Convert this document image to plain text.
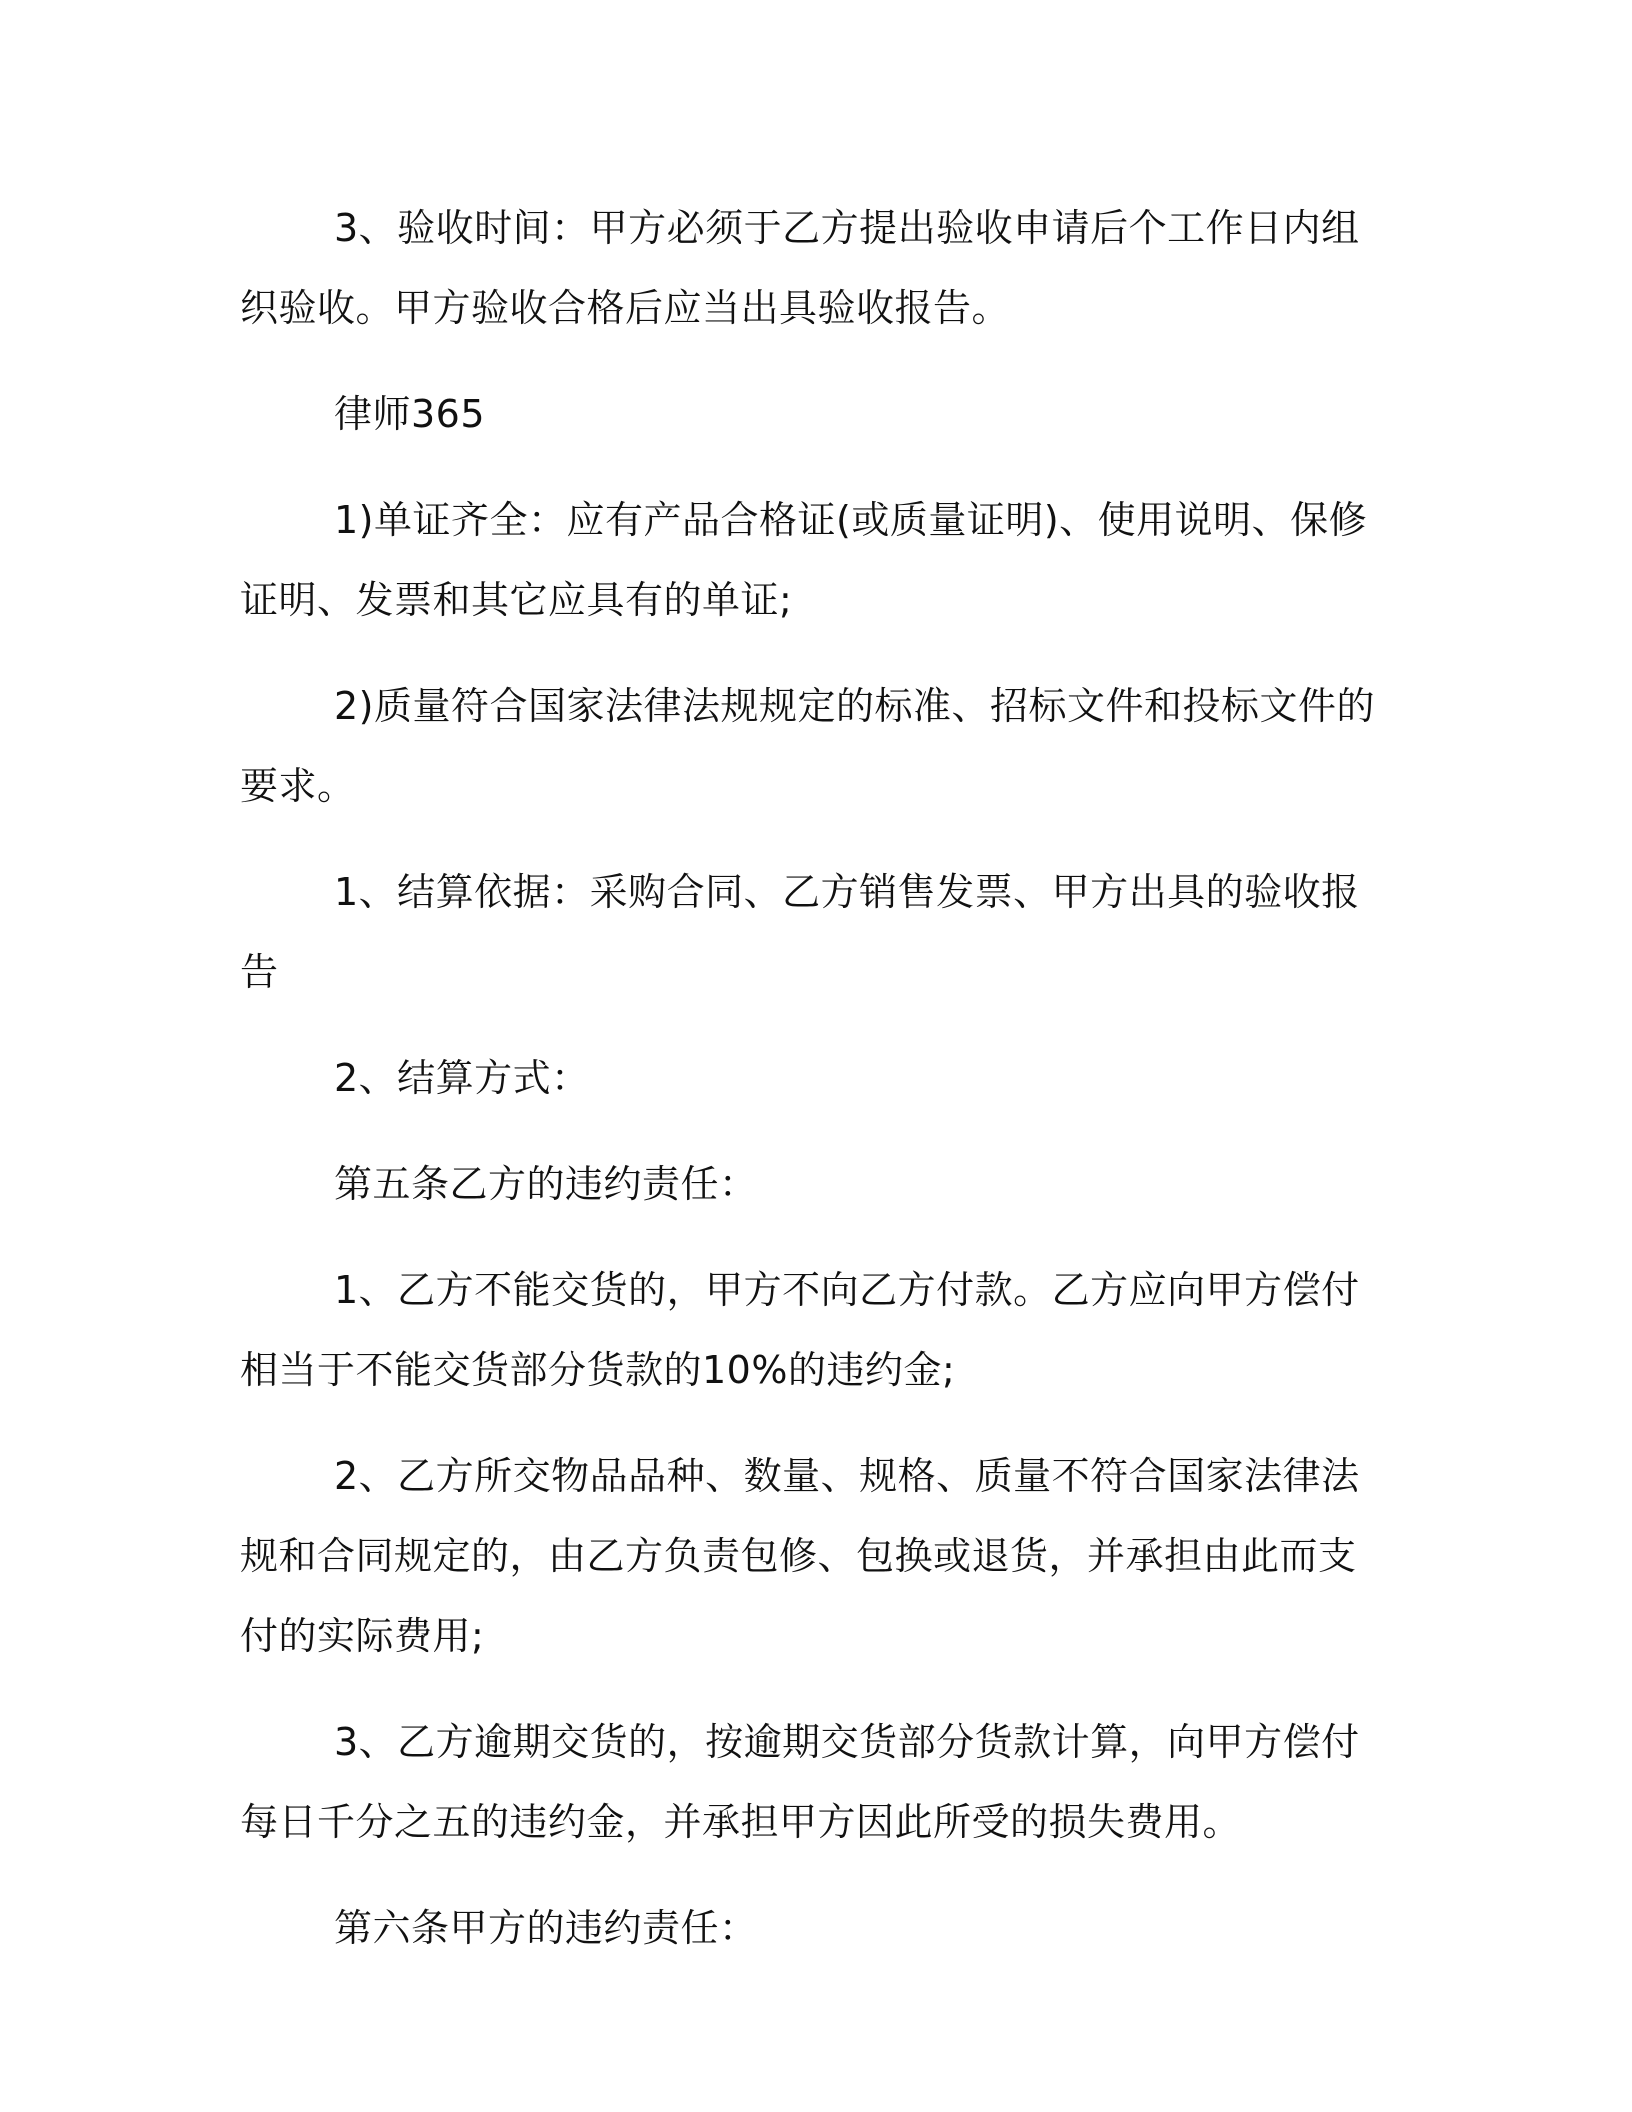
3、验收时间：甲方必须于乙方提出验收申请后个工作日内组织验收。甲方验收合格后应当出具验收报告。

律师365

1)单证齐全：应有产品合格证(或质量证明)、使用说明、保修证明、发票和其它应具有的单证;

2)质量符合国家法律法规规定的标准、招标文件和投标文件的要求。

1、结算依据：采购合同、乙方销售发票、甲方出具的验收报告

2、结算方式：

第五条乙方的违约责任：

1、乙方不能交货的，甲方不向乙方付款。乙方应向甲方偿付相当于不能交货部分货款的10%的违约金;

2、乙方所交物品品种、数量、规格、质量不符合国家法律法规和合同规定的，由乙方负责包修、包换或退货，并承担由此而支付的实际费用;

3、乙方逾期交货的，按逾期交货部分货款计算，向甲方偿付每日千分之五的违约金，并承担甲方因此所受的损失费用。

第六条甲方的违约责任：
